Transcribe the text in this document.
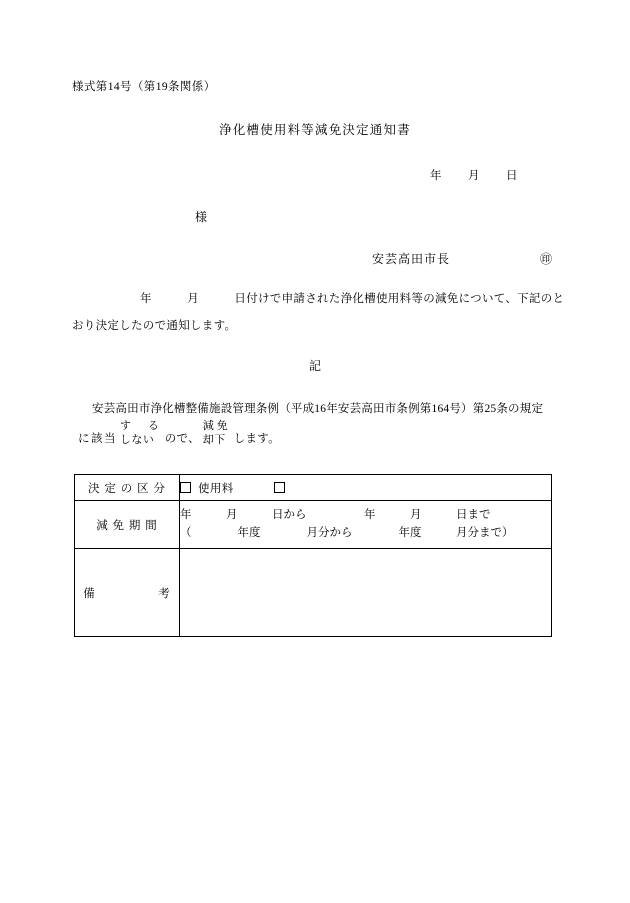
様式第14号（第19条関係）
浄化槽使用料等減免決定通知書
年 月 日
様
安芸高田市長	㊞
年　　　月　　　日付けで申請された浄化槽使用料等の減免について、下記のと
おり決定したので通知します。
記
安芸高田市浄化槽整備施設管理条例（平成16年安芸高田市条例第164号）第25条の規定
に該当
す　る
しない ので、
減免
却下 します。
決 定 の 区 分	使用料
減 免 期 間	年　　　月　　　日から　　　　　年　　　月　　　日まで
（　　　　年度　　　　月分から　　　　年度　　　月分まで）

備　　　　　考	
